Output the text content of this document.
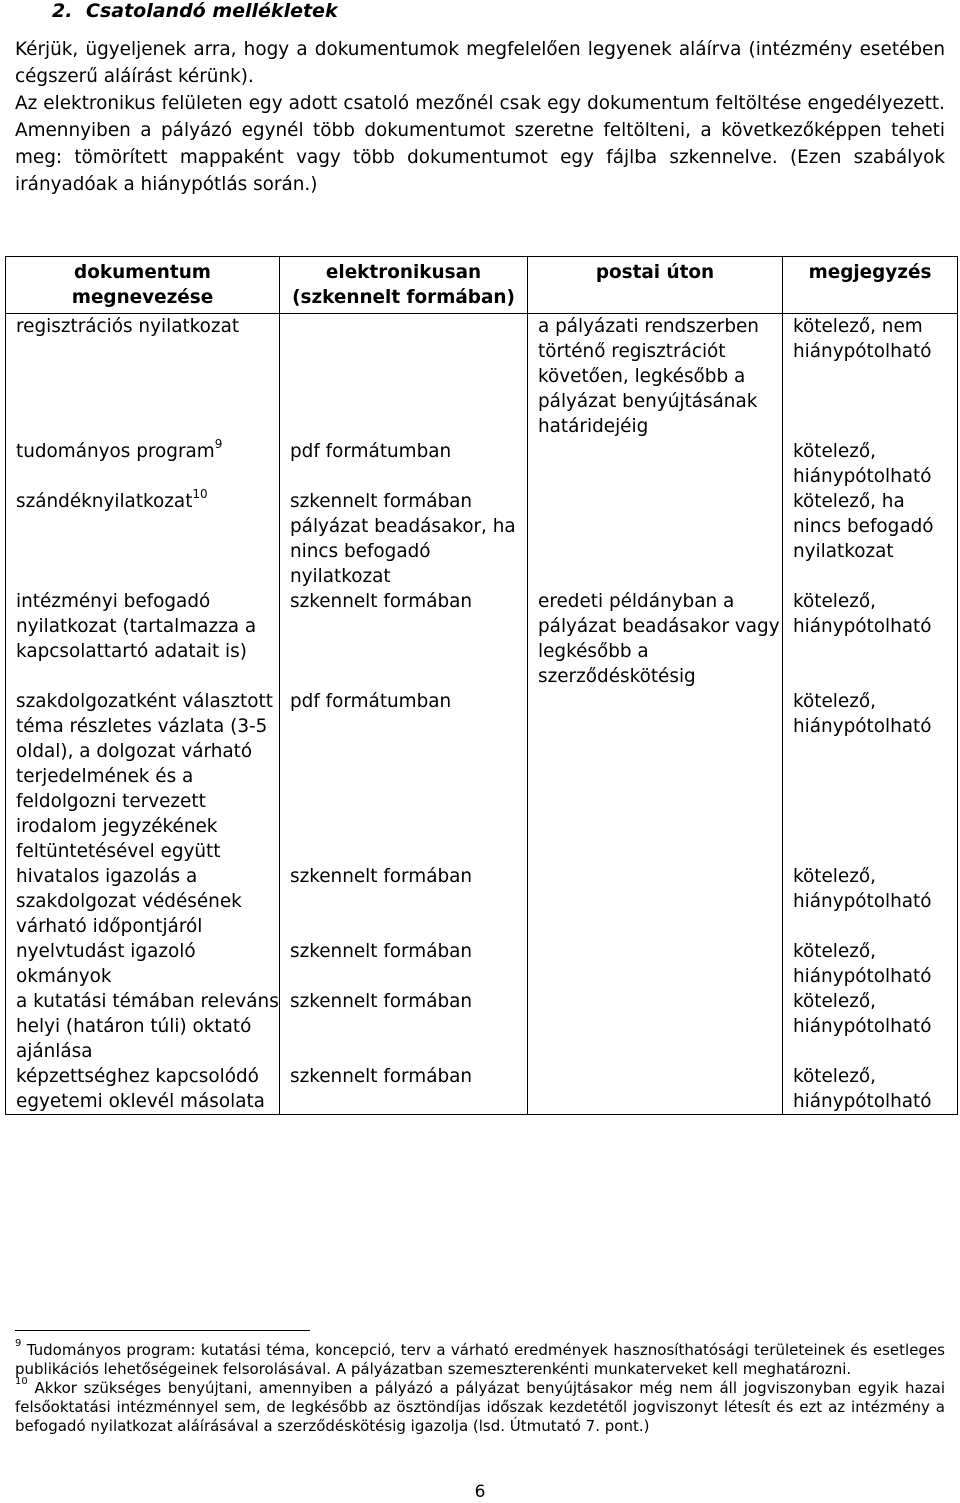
2. Csatolandó mellékletek

Kérjük, ügyeljenek arra, hogy a dokumentumok megfelelően legyenek aláírva (intézmény esetében cégszerű aláírást kérünk).

Az elektronikus felületen egy adott csatoló mezőnél csak egy dokumentum feltöltése engedélyezett. Amennyiben a pályázó egynél több dokumentumot szeretne feltölteni, a következőképpen teheti meg: tömörített mappaként vagy több dokumentumot egy fájlba szkennelve. (Ezen szabályok irányadóak a hiánypótlás során.)

dokumentum megnevezése	elektronikusan (szkennelt formában)	postai úton	megjegyzés
regisztrációs nyilatkozat		a pályázati rendszerben történő regisztrációt követően, legkésőbb a pályázat benyújtásának határidejéig	kötelező, nem hiánypótolható
tudományos program$^9$	pdf formátumban		kötelező, hiánypótolható
szándéknyilatkozat$^{10}$	szkennelt formában pályázat beadásakor, ha nincs befogadó nyilatkozat		kötelező, ha nincs befogadó nyilatkozat
intézményi befogadó nyilatkozat (tartalmazza a kapcsolattartó adatait is)	szkennelt formában	eredeti példányban a pályázat beadásakor vagy legkésőbb a szerződéskötésig	kötelező, hiánypótolható
szakdolgozatként választott téma részletes vázlata (3-5 oldal), a dolgozat várható terjedelmének és a feldolgozni tervezett irodalom jegyzékének feltüntetésével együtt	pdf formátumban		kötelező, hiánypótolható
hivatalos igazolás a szakdolgozat védésének várható időpontjáról	szkennelt formában		kötelező, hiánypótolható
nyelvtudást igazoló okmányok	szkennelt formában		kötelező, hiánypótolható
a kutatási témában releváns helyi (határon túli) oktató ajánlása	szkennelt formában		kötelező, hiánypótolható
képzettséghez kapcsolódó egyetemi oklevél másolata	szkennelt formában		kötelező, hiánypótolható

$^9$ Tudományos program: kutatási téma, koncepció, terv a várható eredmények hasznosíthatósági területeinek és esetleges publikációs lehetőségeinek felsorolásával. A pályázatban szemeszterenkénti munkaterveket kell meghatározni.

$^{10}$ Akkor szükséges benyújtani, amennyiben a pályázó a pályázat benyújtásakor még nem áll jogviszonyban egyik hazai felsőoktatási intézménnyel sem, de legkésőbb az ösztöndíjas időszak kezdetétől jogviszonyt létesít és ezt az intézmény a befogadó nyilatkozat aláírásával a szerződéskötésig igazolja (lsd. Útmutató 7. pont.)

6
